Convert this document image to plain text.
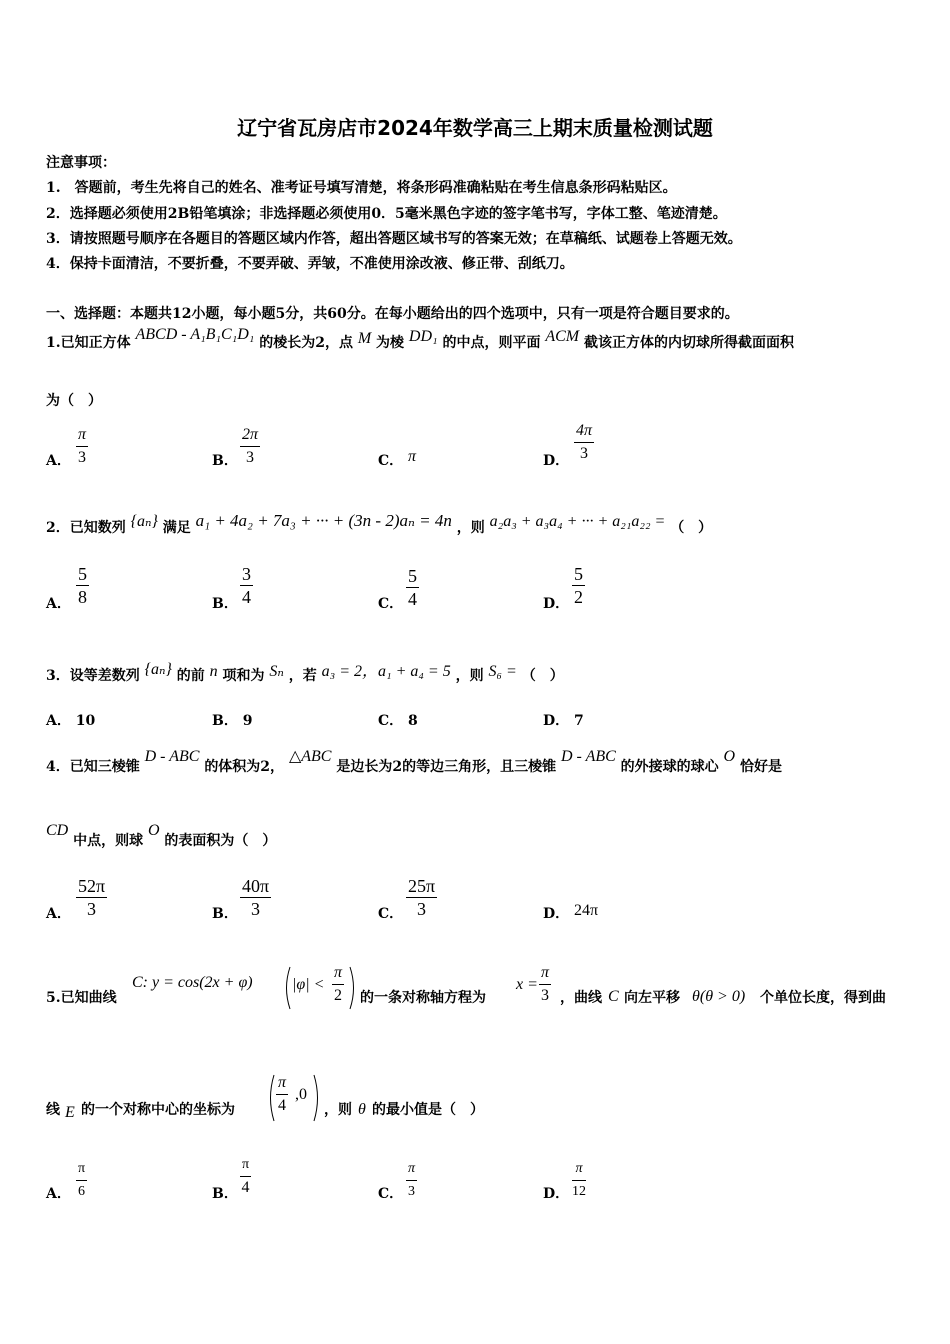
辽宁省瓦房店市2024年数学高三上期末质量检测试题
注意事项：
1.　答题前，考生先将自己的姓名、准考证号填写清楚，将条形码准确粘贴在考生信息条形码粘贴区。
2．选择题必须使用2B铅笔填涂；非选择题必须使用0．5毫米黑色字迹的签字笔书写，字体工整、笔迹清楚。
3．请按照题号顺序在各题目的答题区域内作答，超出答题区域书写的答案无效；在草稿纸、试题卷上答题无效。
4．保持卡面清洁，不要折叠，不要弄破、弄皱，不准使用涂改液、修正带、刮纸刀。
一、选择题：本题共12小题，每小题5分，共60分。在每小题给出的四个选项中，只有一项是符合题目要求的。
1.已知正方体 ABCD - A₁B₁C₁D₁ 的棱长为2，点 M 为棱 DD₁ 的中点，则平面 ACM 截该正方体的内切球所得截面面积
为（　）
A． $\frac{\pi}{3}$	B． $\frac{2\pi}{3}$	C． π	D． $\frac{4\pi}{3}$
2．已知数列 {aₙ} 满足 a₁ + 4a₂ + 7a₃ + ··· + (3n - 2)aₙ = 4n ，则 a₂a₃ + a₃a₄ + ··· + a₂₁a₂₂ = （　）
A． $\frac{5}{8}$	B． $\frac{3}{4}$	C． $\frac{5}{4}$	D． $\frac{5}{2}$
3．设等差数列 {aₙ} 的前 n 项和为 Sₙ ，若 a₃ = 2，a₁ + a₄ = 5 ，则 S₆ = （　）
A． 10	B． 9	C． 8	D． 7
4．已知三棱锥 D - ABC 的体积为2， △ABC 是边长为2的等边三角形，且三棱锥 D - ABC 的外接球的球心 O 恰好是
CD 中点，则球 O 的表面积为（　）
A． $\frac{52\pi}{3}$	B． $\frac{40\pi}{3}$	C． $\frac{25\pi}{3}$	D． 24π
5.已知曲线
C: y = cos(2x + φ) $|\varphi| < \frac{\pi}{2}$ 的一条对称轴方程为
$x = \frac{\pi}{3}$ ，曲线 C 向左平移 θ(θ > 0) 个单位长度，得到曲
线 E 的一个对称中心的坐标为	$\frac{\pi}{4} ,0$
，则 θ 的最小值是（　）
A． $\frac{\pi}{6}$	B． $\frac{\pi}{4}$	C． $\frac{\pi}{3}$	D． $\frac{\pi}{12}$
